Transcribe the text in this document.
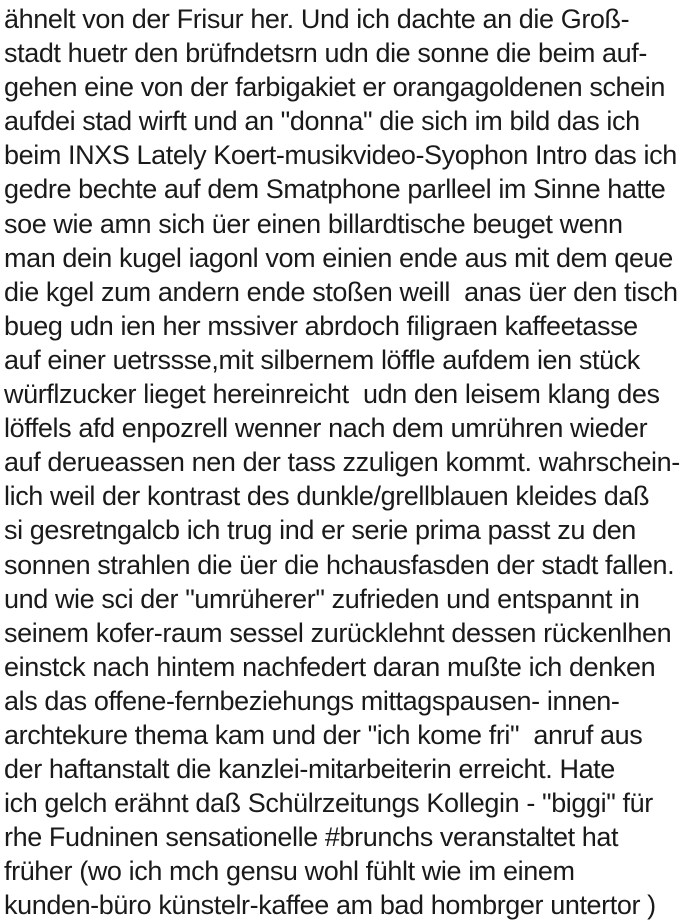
ähnelt von der Frisur her. Und ich dachte an die Groß-
stadt huetr den brüfndetsrn udn die sonne die beim auf-
gehen eine von der farbigakiet er orangagoldenen schein
aufdei stad wirft und an "donna" die sich im bild das ich
beim INXS Lately Koert-musikvideo-Syophon Intro das ich
gedre bechte auf dem Smatphone parlleel im Sinne hatte
soe wie amn sich üer einen billardtische beuget wenn
man dein kugel iagonl vom einien ende aus mit dem qeue
die kgel zum andern ende stoßen weill  anas üer den tisch
bueg udn ien her mssiver abrdoch filigraen kaffeetasse
auf einer uetrssse,mit silbernem löffle aufdem ien stück
würflzucker lieget hereinreicht  udn den leisem klang des
löffels afd enpozrell wenner nach dem umrühren wieder
auf derueassen nen der tass zzuligen kommt. wahrschein-
lich weil der kontrast des dunkle/grellblauen kleides daß
si gesretngalcb ich trug ind er serie prima passt zu den
sonnen strahlen die üer die hchausfasden der stadt fallen.
und wie sci der "umrüherer" zufrieden und entspannt in
seinem kofer-raum sessel zurücklehnt dessen rückenlhen
einstck nach hintem nachfedert daran mußte ich denken
als das offene-fernbeziehungs mittagspausen- innen-
archtekure thema kam und der "ich kome fri"  anruf aus
der haftanstalt die kanzlei-mitarbeiterin erreicht. Hate
ich gelch erähnt daß Schülrzeitungs Kollegin - "biggi" für
rhe Fudninen sensationelle #brunchs veranstaltet hat
früher (wo ich mch gensu wohl fühlt wie im einem
kunden-büro künstelr-kaffee am bad hombrger untertor )
